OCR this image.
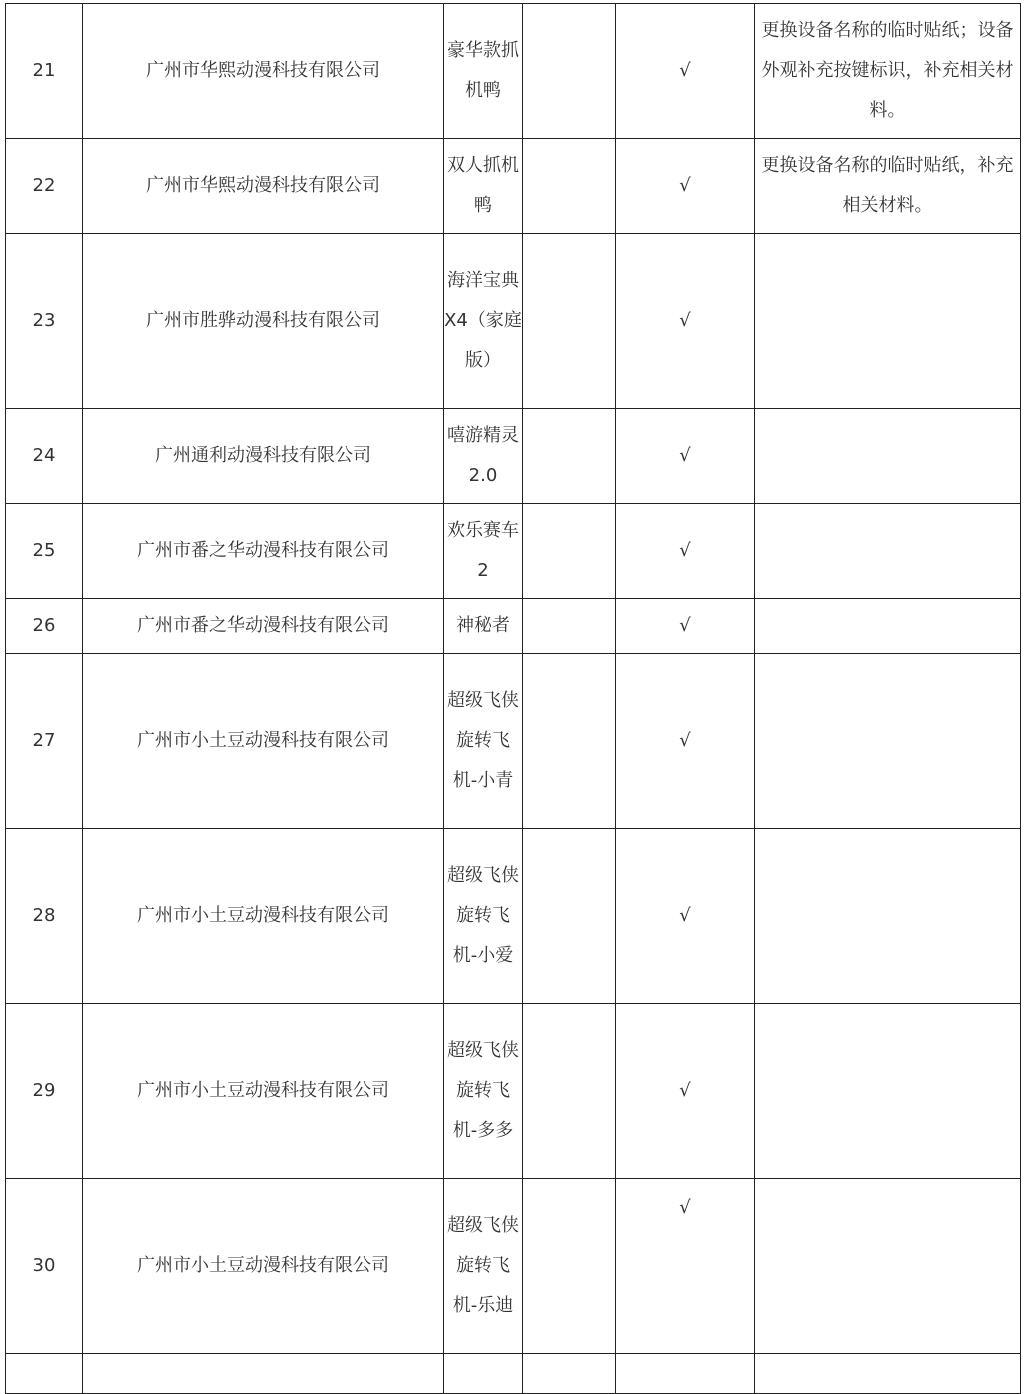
21	广州市华熙动漫科技有限公司	豪华款抓机鸭		√	更换设备名称的临时贴纸；设备外观补充按键标识，补充相关材料。
22	广州市华熙动漫科技有限公司	双人抓机鸭		√	更换设备名称的临时贴纸，补充相关材料。
23	广州市胜骅动漫科技有限公司	海洋宝典X4（家庭版）		√	
24	广州通利动漫科技有限公司	嘻游精灵2.0		√	
25	广州市番之华动漫科技有限公司	欢乐赛车2		√	
26	广州市番之华动漫科技有限公司	神秘者		√	
27	广州市小土豆动漫科技有限公司	超级飞侠旋转飞机-小青		√	
28	广州市小土豆动漫科技有限公司	超级飞侠旋转飞机-小爱		√	
29	广州市小土豆动漫科技有限公司	超级飞侠旋转飞机-多多		√	
30	广州市小土豆动漫科技有限公司	超级飞侠旋转飞机-乐迪		√	
